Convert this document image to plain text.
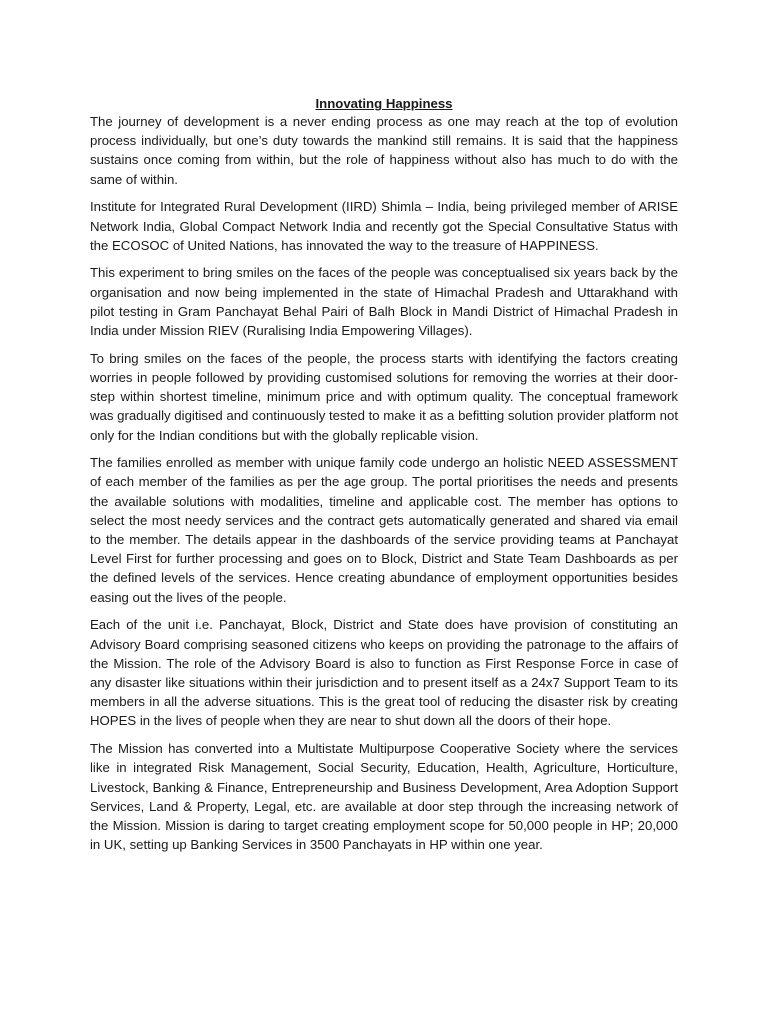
Innovating Happiness

The journey of development is a never ending process as one may reach at the top of evolution process individually, but one’s duty towards the mankind still remains. It is said that the happiness sustains once coming from within, but the role of happiness without also has much to do with the same of within.

Institute for Integrated Rural Development (IIRD) Shimla – India, being privileged member of ARISE Network India, Global Compact Network India and recently got the Special Consultative Status with the ECOSOC of United Nations, has innovated the way to the treasure of HAPPINESS.

This experiment to bring smiles on the faces of the people was conceptualised six years back by the organisation and now being implemented in the state of Himachal Pradesh and Uttarakhand with pilot testing in Gram Panchayat Behal Pairi of Balh Block in Mandi District of Himachal Pradesh in India under Mission RIEV (Ruralising India Empowering Villages).

To bring smiles on the faces of the people, the process starts with identifying the factors creating worries in people followed by providing customised solutions for removing the worries at their door-step within shortest timeline, minimum price and with optimum quality. The conceptual framework was gradually digitised and continuously tested to make it as a befitting solution provider platform not only for the Indian conditions but with the globally replicable vision.

The families enrolled as member with unique family code undergo an holistic NEED ASSESSMENT of each member of the families as per the age group. The portal prioritises the needs and presents the available solutions with modalities, timeline and applicable cost. The member has options to select the most needy services and the contract gets automatically generated and shared via email to the member. The details appear in the dashboards of the service providing teams at Panchayat Level First for further processing and goes on to Block, District and State Team Dashboards as per the defined levels of the services. Hence creating abundance of employment opportunities besides easing out the lives of the people.

Each of the unit i.e. Panchayat, Block, District and State does have provision of constituting an Advisory Board comprising seasoned citizens who keeps on providing the patronage to the affairs of the Mission. The role of the Advisory Board is also to function as First Response Force in case of any disaster like situations within their jurisdiction and to present itself as a 24x7 Support Team to its members in all the adverse situations. This is the great tool of reducing the disaster risk by creating HOPES in the lives of people when they are near to shut down all the doors of their hope.

The Mission has converted into a Multistate Multipurpose Cooperative Society where the services like in integrated Risk Management, Social Security, Education, Health, Agriculture, Horticulture, Livestock, Banking & Finance, Entrepreneurship and Business Development, Area Adoption Support Services, Land & Property, Legal, etc. are available at door step through the increasing network of the Mission. Mission is daring to target creating employment scope for 50,000 people in HP; 20,000 in UK, setting up Banking Services in 3500 Panchayats in HP within one year.
